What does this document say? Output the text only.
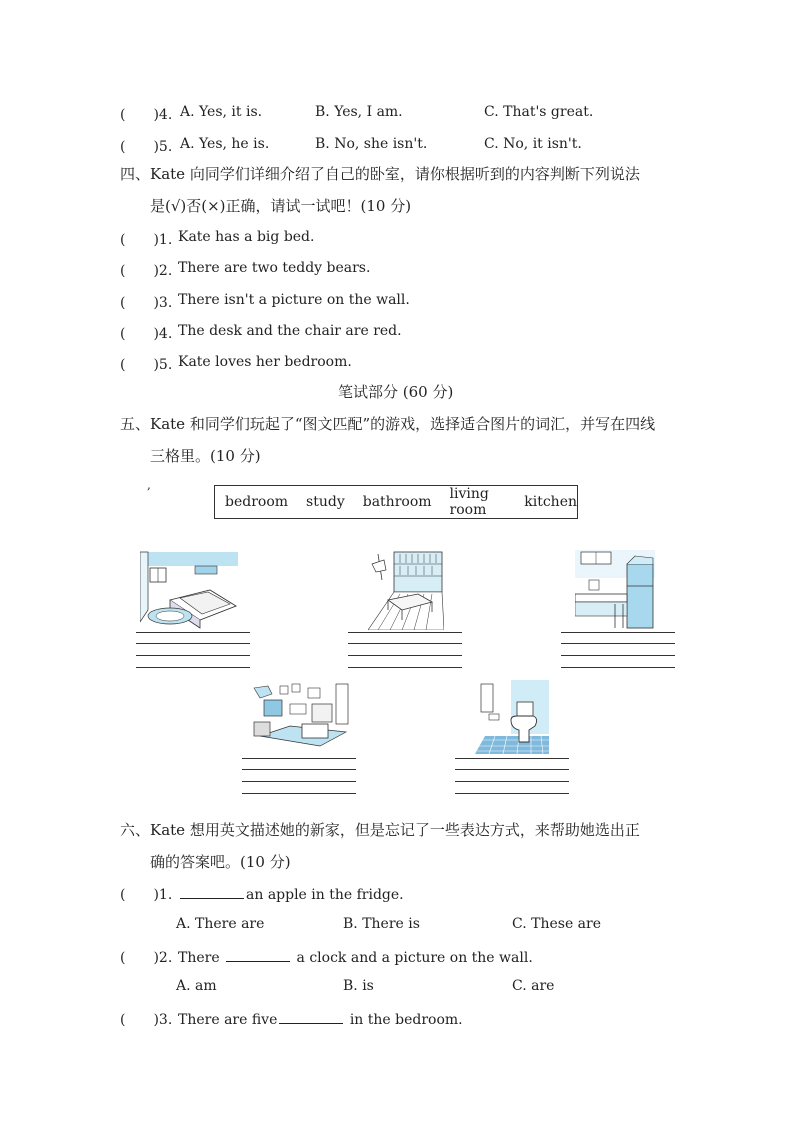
(　　)4. A. Yes, it is.	B. Yes, I am.	C. That's great.
(　　)5. A. Yes, he is.	B. No, she isn't.	C. No, it isn't.
四、Kate 向同学们详细介绍了自己的卧室，请你根据听到的内容判断下列说法
是(√)否(×)正确，请试一试吧！(10 分)
(　　)1. Kate has a big bed.
(　　)2. There are two teddy bears.
(　　)3. There isn't a picture on the wall.
(　　)4. The desk and the chair are red.
(　　)5. Kate loves her bedroom.
笔试部分 (60 分)
五、Kate 和同学们玩起了“图文匹配”的游戏，选择适合图片的词汇，并写在四线
三格里。(10 分)
,
bedroom study bathroom living room	kitchen
六、Kate 想用英文描述她的新家，但是忘记了一些表达方式，来帮助她选出正
确的答案吧。(10 分)
(　　)1.	an apple in the fridge.
A. There are	B. There is	C. These are
(　　)2. There	a clock and a picture on the wall.
A. am	B. is	C. are
(　　)3. There are five	in the bedroom.
